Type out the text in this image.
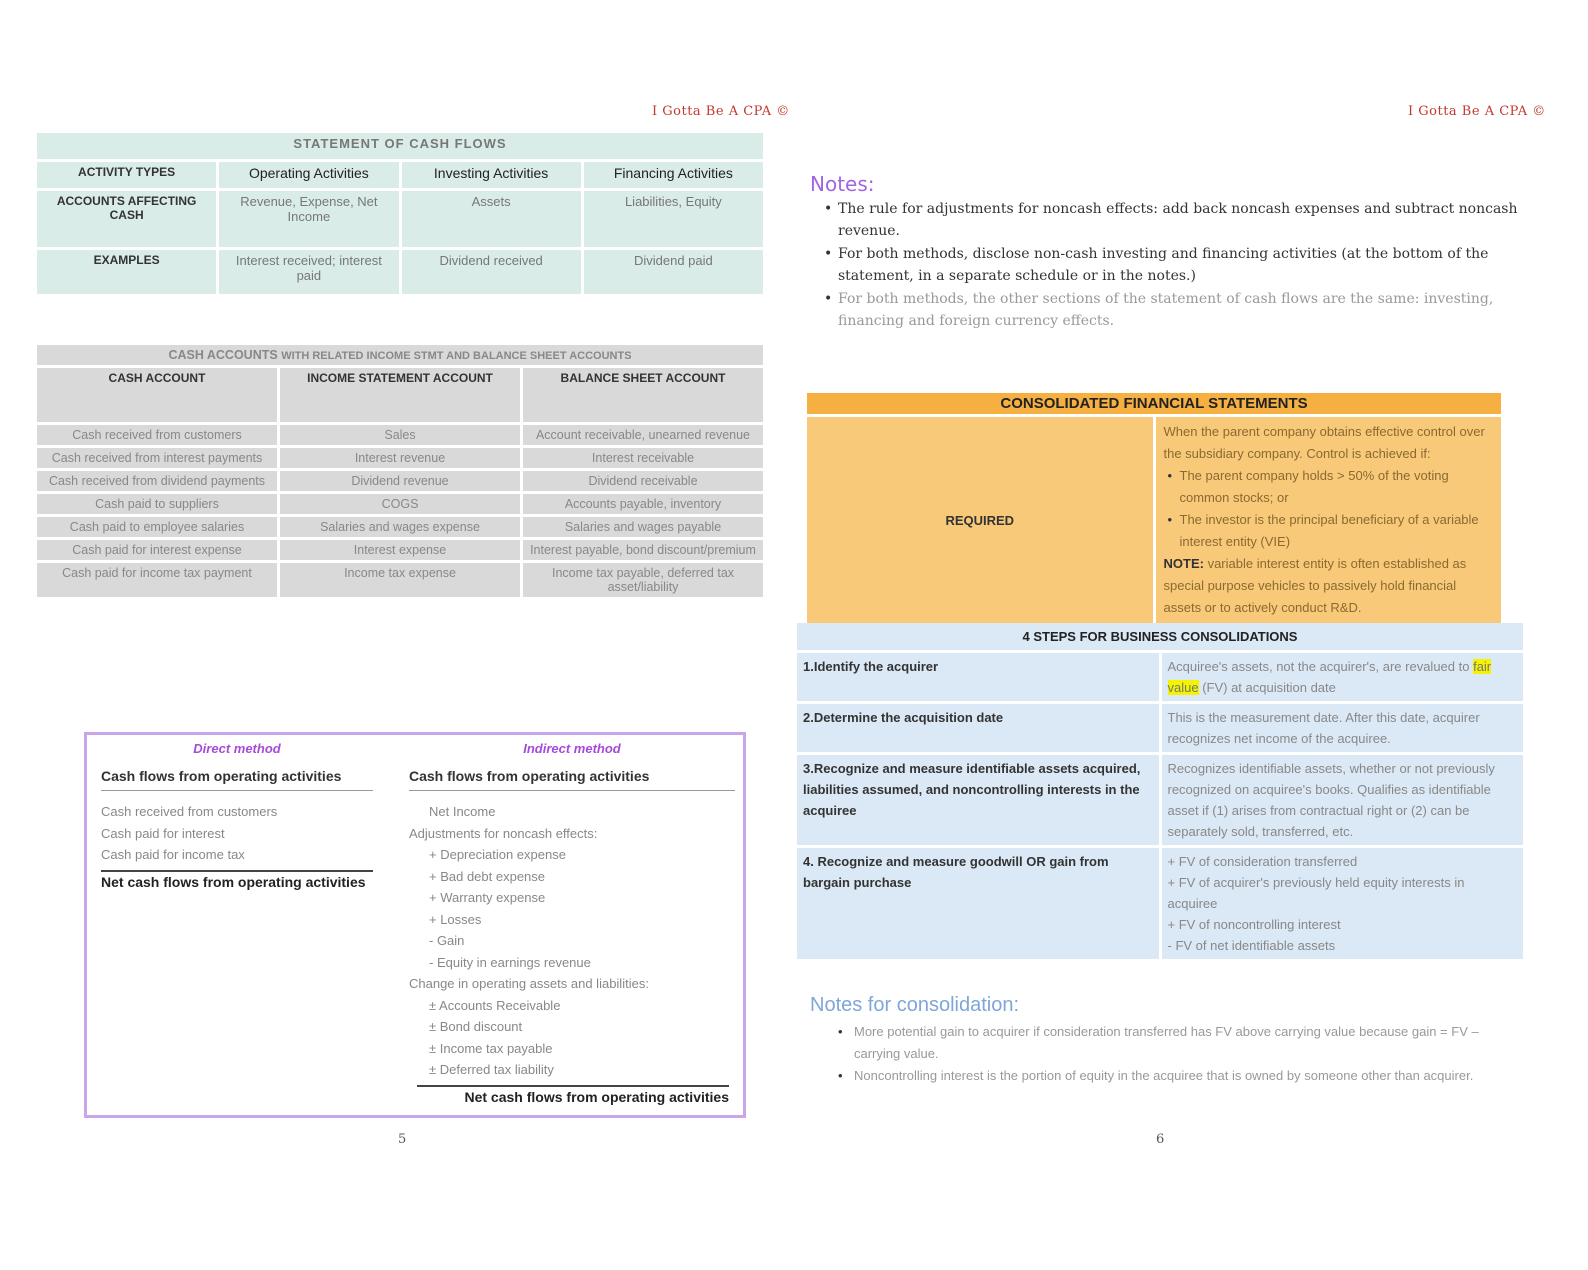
I Gotta Be A CPA ©
STATEMENT OF CASH FLOWS			
ACTIVITY TYPES	Operating Activities	Investing Activities	Financing Activities
ACCOUNTS AFFECTING CASH	Revenue, Expense, Net Income	Assets	Liabilities, Equity
EXAMPLES	Interest received; interest paid	Dividend received	Dividend paid
CASH ACCOUNTS WITH RELATED INCOME STMT AND BALANCE SHEET ACCOUNTS		
CASH ACCOUNT	INCOME STATEMENT ACCOUNT	BALANCE SHEET ACCOUNT
Cash received from customers	Sales	Account receivable, unearned revenue
Cash received from interest payments	Interest revenue	Interest receivable
Cash received from dividend payments	Dividend revenue	Dividend receivable
Cash paid to suppliers	COGS	Accounts payable, inventory
Cash paid to employee salaries	Salaries and wages expense	Salaries and wages payable
Cash paid for interest expense	Interest expense	Interest payable, bond discount/premium
Cash paid for income tax payment	Income tax expense	Income tax payable, deferred tax asset/liability
Direct method
Cash flows from operating activities
Cash received from customers
Cash paid for interest
Cash paid for income tax
Net cash flows from operating activities
Indirect method
Cash flows from operating activities
Net Income
Adjustments for noncash effects:
+ Depreciation expense
+ Bad debt expense
+ Warranty expense
+ Losses
- Gain
- Equity in earnings revenue
Change in operating assets and liabilities:
± Accounts Receivable
± Bond discount
± Income tax payable
± Deferred tax liability
Net cash flows from operating activities
5
I Gotta Be A CPA ©
Notes:
• The rule for adjustments for noncash effects: add back noncash expenses and subtract noncash revenue.
• For both methods, disclose non-cash investing and financing activities (at the bottom of the statement, in a separate schedule or in the notes.)
• For both methods, the other sections of the statement of cash flows are the same: investing, financing and foreign currency effects.
CONSOLIDATED FINANCIAL STATEMENTS
REQUIRED	
When the parent company obtains effective control over the subsidiary company. Control is achieved if:
• The parent company holds > 50% of the voting common stocks; or
• The investor is the principal beneficiary of a variable interest entity (VIE)
NOTE: variable interest entity is often established as special purpose vehicles to passively hold financial assets or to actively conduct R&D.
4 STEPS FOR BUSINESS CONSOLIDATIONS	
1.Identify the acquirer	Acquiree's assets, not the acquirer's, are revalued to fair value (FV) at acquisition date
2.Determine the acquisition date	This is the measurement date. After this date, acquirer recognizes net income of the acquiree.
3.Recognize and measure identifiable assets acquired, liabilities assumed, and noncontrolling interests in the acquiree	Recognizes identifiable assets, whether or not previously recognized on acquiree's books. Qualifies as identifiable asset if (1) arises from contractual right or (2) can be separately sold, transferred, etc.
4. Recognize and measure goodwill OR gain from bargain purchase	+ FV of consideration transferred
+ FV of acquirer's previously held equity interests in acquiree
+ FV of noncontrolling interest
- FV of net identifiable assets
Notes for consolidation:
• More potential gain to acquirer if consideration transferred has FV above carrying value because gain = FV – carrying value.
• Noncontrolling interest is the portion of equity in the acquiree that is owned by someone other than acquirer.
6
